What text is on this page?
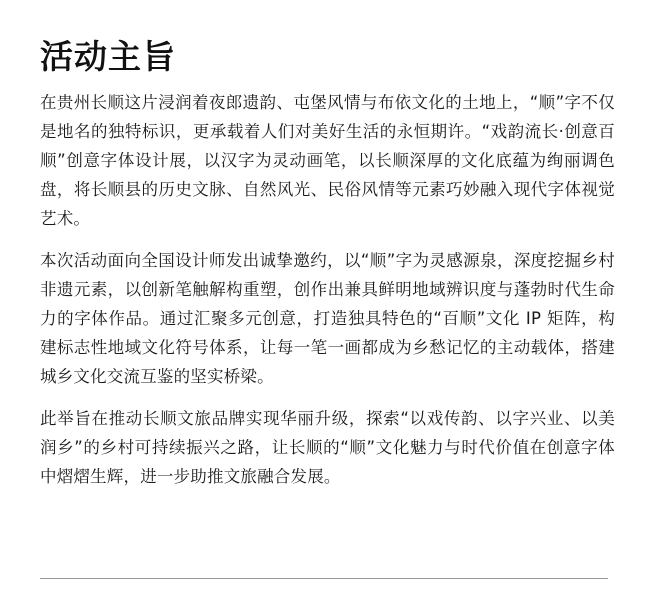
活动主旨

在贵州长顺这片浸润着夜郎遗韵、屯堡风情与布依文化的土地上，“顺”字不仅是地名的独特标识，更承载着人们对美好生活的永恒期许。“戏韵流长·创意百顺”创意字体设计展，以汉字为灵动画笔，以长顺深厚的文化底蕴为绚丽调色盘，将长顺县的历史文脉、自然风光、民俗风情等元素巧妙融入现代字体视觉艺术。

本次活动面向全国设计师发出诚挚邀约，以“顺”字为灵感源泉，深度挖掘乡村非遗元素，以创新笔触解构重塑，创作出兼具鲜明地域辨识度与蓬勃时代生命力的字体作品。通过汇聚多元创意，打造独具特色的“百顺”文化 IP 矩阵，构建标志性地域文化符号体系，让每一笔一画都成为乡愁记忆的主动载体，搭建城乡文化交流互鉴的坚实桥梁。

此举旨在推动长顺文旅品牌实现华丽升级，探索“以戏传韵、以字兴业、以美润乡”的乡村可持续振兴之路，让长顺的“顺”文化魅力与时代价值在创意字体中熠熠生辉，进一步助推文旅融合发展。
